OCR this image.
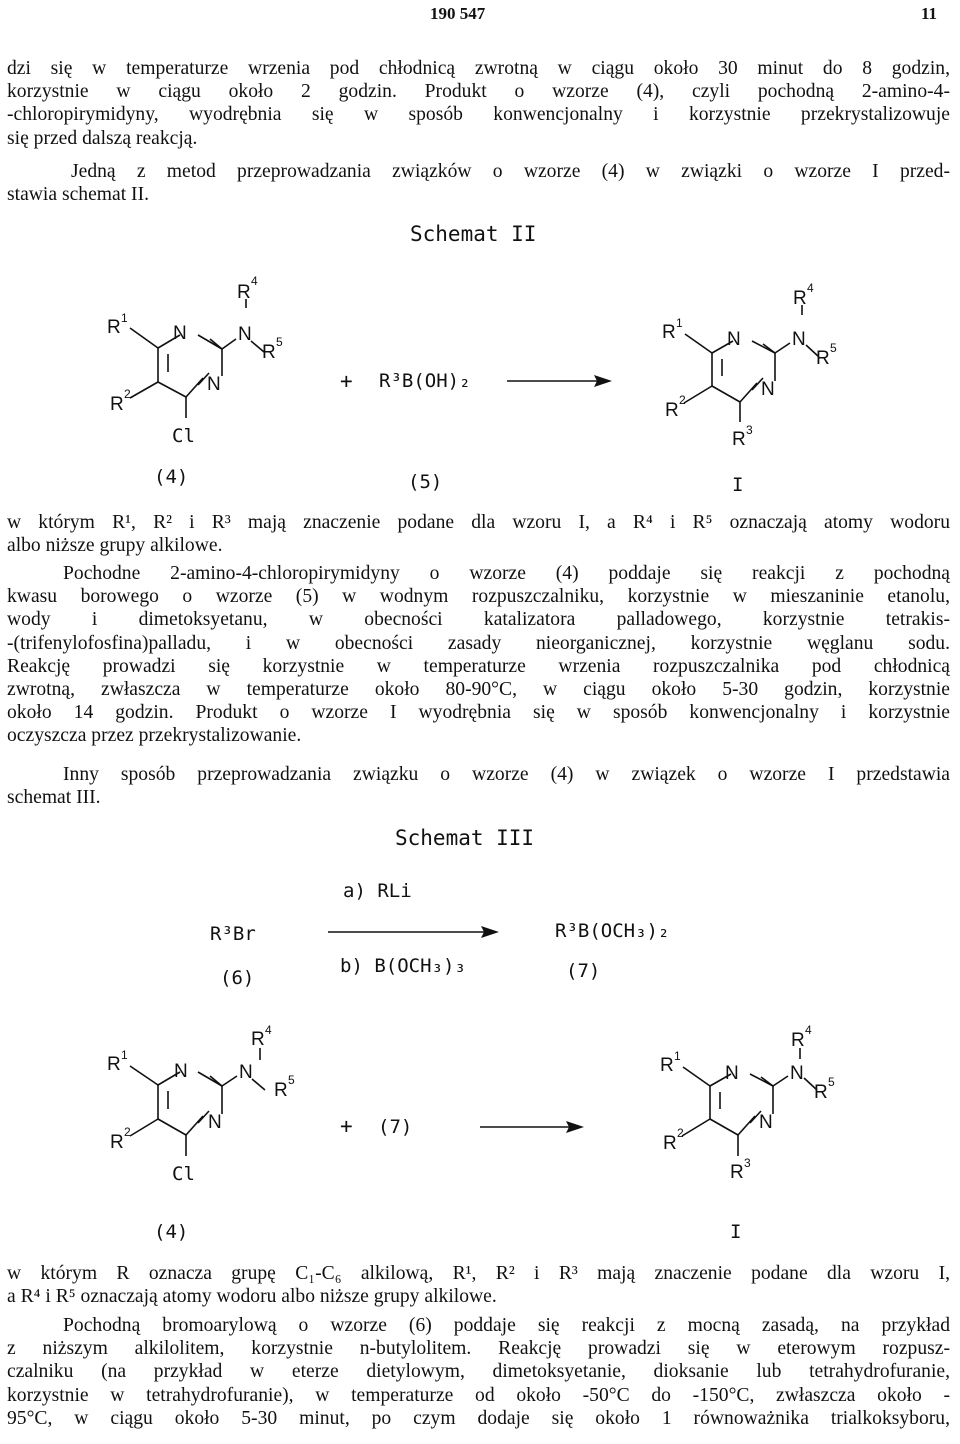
190 547	11
dzi się w temperaturze wrzenia pod chłodnicą zwrotną w ciągu około 30 minut do 8 godzin,
korzystnie w ciągu około 2 godzin. Produkt o wzorze (4), czyli pochodną 2-amino-4-
-chloropirymidyny, wyodrębnia się w sposób konwencjonalny i korzystnie przekrystalizowuje
się przed dalszą reakcją.
Jedną z metod przeprowadzania związków o wzorze (4) w związki o wzorze I przed-
stawia schemat II.
Schemat II
N
N
N
R
4
R 5
R 1
R 2
Cl
N
N
N
R 4
R 5
R 1
R 2
R 3
N
N
N
R 4
R 5
R 1
R 2
Cl
N
N
N
R 4
R 5
R 1
R 2
R 3
+ R³B(OH)₂
(4)	(5)	I
w którym R¹, R² i R³ mają znaczenie podane dla wzoru I, a R⁴ i R⁵ oznaczają atomy wodoru
albo niższe grupy alkilowe.
Pochodne 2-amino-4-chloropirymidyny o wzorze (4) poddaje się reakcji z pochodną
kwasu borowego o wzorze (5) w wodnym rozpuszczalniku, korzystnie w mieszaninie etanolu,
wody i dimetoksyetanu, w obecności katalizatora palladowego, korzystnie tetrakis-
-(trifenylofosfina)palladu, i w obecności zasady nieorganicznej, korzystnie węglanu sodu.
Reakcję prowadzi się korzystnie w temperaturze wrzenia rozpuszczalnika pod chłodnicą
zwrotną, zwłaszcza w temperaturze około 80-90°C, w ciągu około 5-30 godzin, korzystnie
około 14 godzin. Produkt o wzorze I wyodrębnia się w sposób konwencjonalny i korzystnie
oczyszcza przez przekrystalizowanie.
Inny sposób przeprowadzania związku o wzorze (4) w związek o wzorze I przedstawia
schemat III.
Schemat III
a) RLi
R³Br	R³B(OCH₃)₂
(6)
b) B(OCH₃)₃	(7)
+ (7)
(4)	I
w którym R oznacza grupę C₁-C₆ alkilową, R¹, R² i R³ mają znaczenie podane dla wzoru I,
a R⁴ i R⁵ oznaczają atomy wodoru albo niższe grupy alkilowe.
Pochodną bromoarylową o wzorze (6) poddaje się reakcji z mocną zasadą, na przykład
z niższym alkilolitem, korzystnie n-butylolitem. Reakcję prowadzi się w eterowym rozpusz-
czalniku (na przykład w eterze dietylowym, dimetoksyetanie, dioksanie lub tetrahydrofuranie,
korzystnie w tetrahydrofuranie), w temperaturze od około -50°C do -150°C, zwłaszcza około -
95°C, w ciągu około 5-30 minut, po czym dodaje się około 1 równoważnika trialkoksyboru,
